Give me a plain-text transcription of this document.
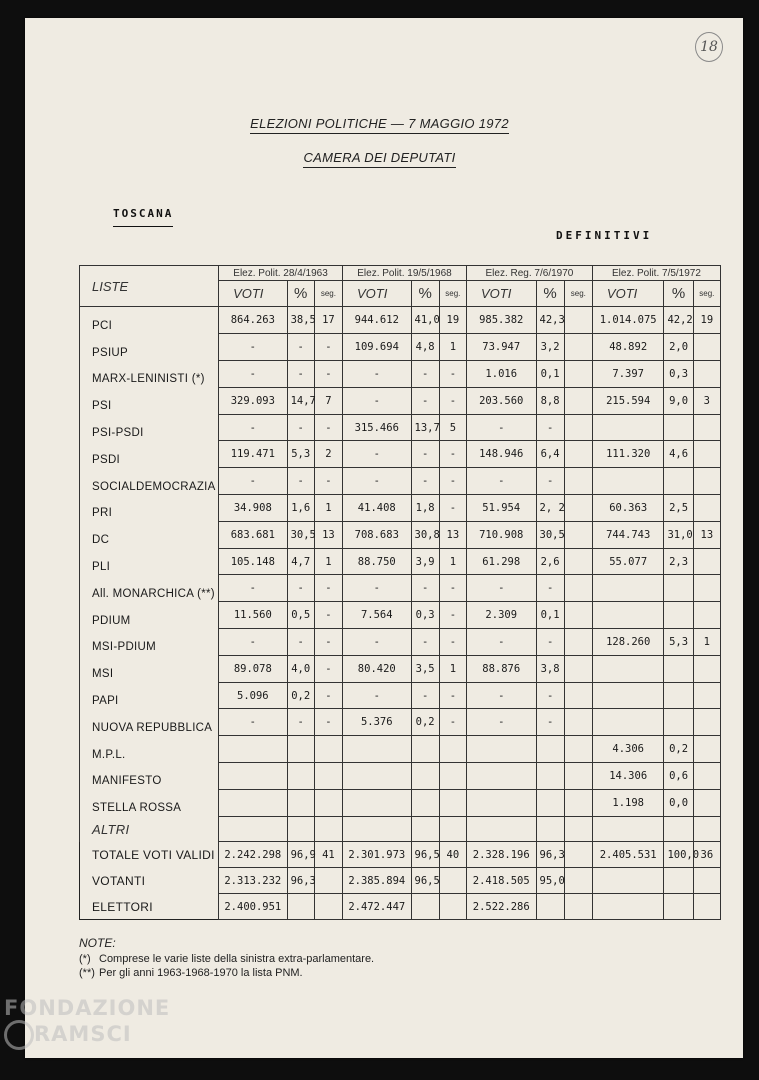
18
ELEZIONI POLITICHE — 7 MAGGIO 1972
CAMERA DEI DEPUTATI
TOSCANA
DEFINITIVI
LISTE	Elez. Polit. 28/4/1963			Elez. Polit. 19/5/1968			Elez. Reg. 7/6/1970			Elez. Polit. 7/5/1972		
	VOTI	%	seg.	VOTI	%	seg.	VOTI	%	seg.	VOTI	%	seg.
PCI	864.263	38,5	17	944.612	41,0	19	985.382	42,3		1.014.075	42,2	19
PSIUP	-	-	-	109.694	4,8	1	73.947	3,2		48.892	2,0	
MARX-LENINISTI (*)	-	-	-	-	-	-	1.016	0,1		7.397	0,3	
PSI	329.093	14,7	7	-	-	-	203.560	8,8		215.594	9,0	3
PSI-PSDI	-	-	-	315.466	13,7	5	-	-				
PSDI	119.471	5,3	2	-	-	-	148.946	6,4		111.320	4,6	
SOCIALDEMOCRAZIA	-	-	-	-	-	-	-	-				
PRI	34.908	1,6	1	41.408	1,8	-	51.954	2, 2		60.363	2,5	
DC	683.681	30,5	13	708.683	30,8	13	710.908	30,5		744.743	31,0	13
PLI	105.148	4,7	1	88.750	3,9	1	61.298	2,6		55.077	2,3	
All. MONARCHICA (**)	-	-	-	-	-	-	-	-				
PDIUM	11.560	0,5	-	7.564	0,3	-	2.309	0,1				
MSI-PDIUM	-	-	-	-	-	-	-	-		128.260	5,3	1
MSI	89.078	4,0	-	80.420	3,5	1	88.876	3,8				
PAPI	5.096	0,2	-	-	-	-	-	-				
NUOVA REPUBBLICA	-	-	-	5.376	0,2	-	-	-				
M.P.L.										4.306	0,2	
MANIFESTO										14.306	0,6	
STELLA ROSSA										1.198	0,0	
ALTRI												
TOTALE VOTI VALIDI	2.242.298	96,9	41	2.301.973	96,5	40	2.328.196	96,3		2.405.531	100,0	36
VOTANTI	2.313.232	96,3		2.385.894	96,5		2.418.505	95,0				
ELETTORI	2.400.951			2.472.447			2.522.286					
NOTE:
(*) Comprese le varie liste della sinistra extra-parlamentare.
(**) Per gli anni 1963-1968-1970 la lista PNM.
FONDAZIONE
RAMSCI
